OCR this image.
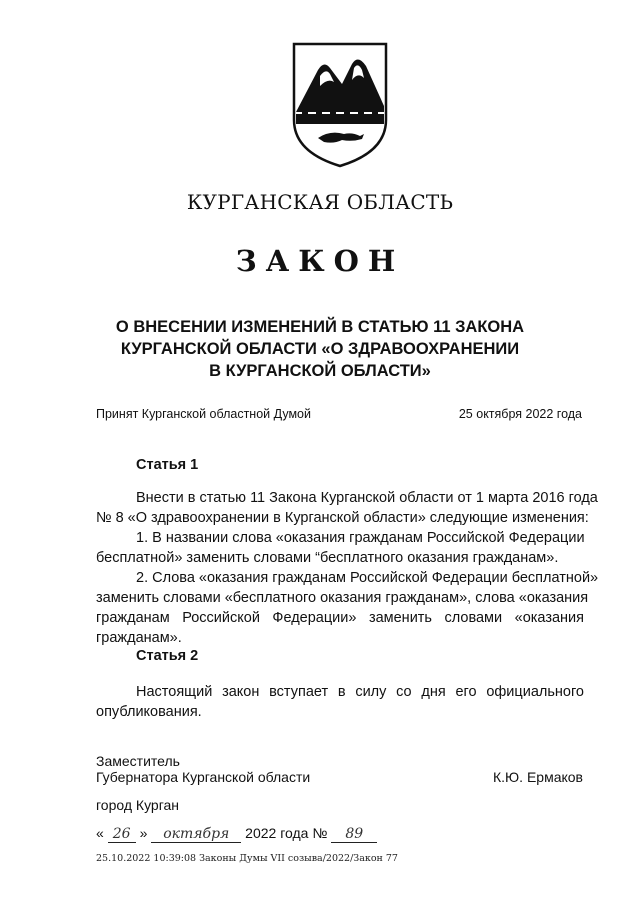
КУРГАНСКАЯ ОБЛАСТЬ
ЗАКОН
О ВНЕСЕНИИ ИЗМЕНЕНИЙ В СТАТЬЮ 11 ЗАКОНА
КУРГАНСКОЙ ОБЛАСТИ «О ЗДРАВООХРАНЕНИИ
В КУРГАНСКОЙ ОБЛАСТИ»
Принят Курганской областной Думой	25 октября 2022 года
Статья 1
Внести в статью 11 Закона Курганской области от 1 марта 2016 года
№ 8 «О здравоохранении в Курганской области» следующие изменения:
1. В названии слова «оказания гражданам Российской Федерации
бесплатной» заменить словами “бесплатного оказания гражданам».
2. Слова «оказания гражданам Российской Федерации бесплатной»
заменить словами «бесплатного оказания гражданам», слова «оказания
гражданам Российской Федерации» заменить словами «оказания
гражданам».
Статья 2
Настоящий закон вступает в силу со дня его официального
опубликования.
Заместитель
Губернатора Курганской области	К.Ю. Ермаков
город Курган
« 26 » октября 2022 года № 89
25.10.2022 10:39:08 Законы Думы VII созыва/2022/Закон 77
